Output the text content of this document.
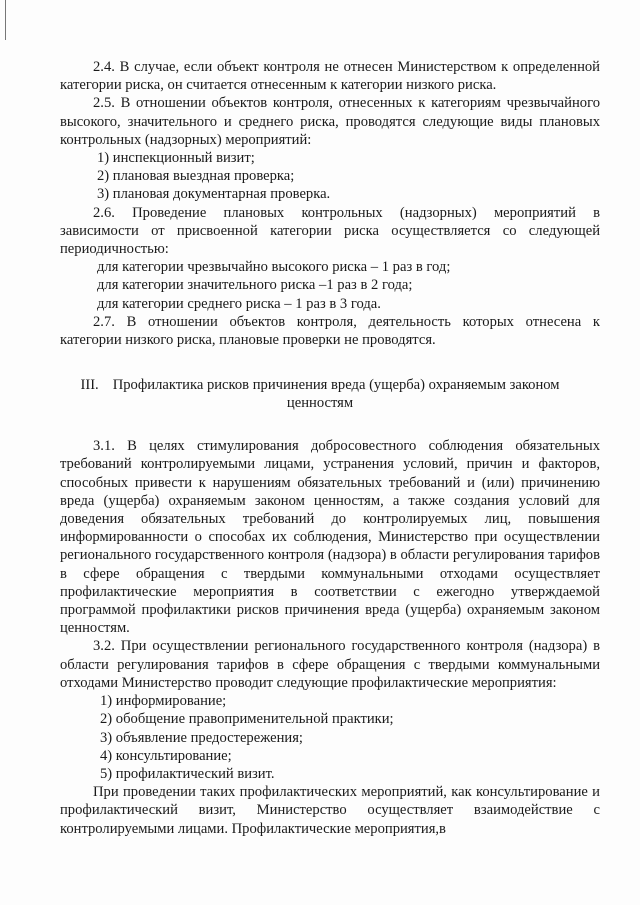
2.4. В случае, если объект контроля не отнесен Министерством к определенной категории риска, он считается отнесенным к категории низкого риска.

2.5. В отношении объектов контроля, отнесенных к категориям чрезвычайного высокого, значительного и среднего риска, проводятся следующие виды плановых контрольных (надзорных) мероприятий:

1) инспекционный визит;

2) плановая выездная проверка;

3) плановая документарная проверка.

2.6. Проведение плановых контрольных (надзорных) мероприятий в зависимости от присвоенной категории риска осуществляется со следующей периодичностью:

для категории чрезвычайно высокого риска – 1 раз в год;

для категории значительного риска –1 раз в 2 года;

для категории среднего риска – 1 раз в 3 года.

2.7. В отношении объектов контроля, деятельность которых отнесена к категории низкого риска, плановые проверки не проводятся.

III. Профилактика рисков причинения вреда (ущерба) охраняемым законом ценностям

3.1. В целях стимулирования добросовестного соблюдения обязательных требований контролируемыми лицами, устранения условий, причин и факторов, способных привести к нарушениям обязательных требований и (или) причинению вреда (ущерба) охраняемым законом ценностям, а также создания условий для доведения обязательных требований до контролируемых лиц, повышения информированности о способах их соблюдения, Министерство при осуществлении регионального государственного контроля (надзора) в области регулирования тарифов в сфере обращения с твердыми коммунальными отходами осуществляет профилактические мероприятия в соответствии с ежегодно утверждаемой программой профилактики рисков причинения вреда (ущерба) охраняемым законом ценностям.

3.2. При осуществлении регионального государственного контроля (надзора) в области регулирования тарифов в сфере обращения с твердыми коммунальными отходами Министерство проводит следующие профилактические мероприятия:

1) информирование;

2) обобщение правоприменительной практики;

3) объявление предостережения;

4) консультирование;

5) профилактический визит.

При проведении таких профилактических мероприятий, как консультирование и профилактический визит, Министерство осуществляет взаимодействие с контролируемыми лицами. Профилактические мероприятия,в
